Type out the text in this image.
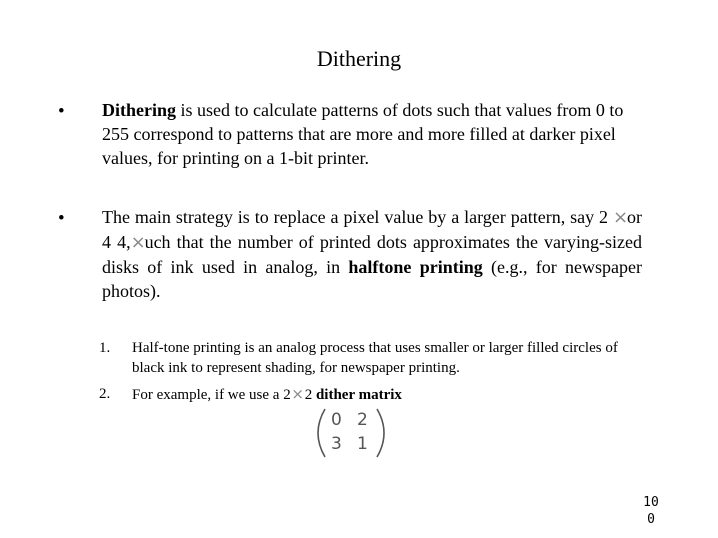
Dithering
• Dithering is used to calculate patterns of dots such that values from 0 to 255 correspond to patterns that are more and more filled at darker pixel values, for printing on a 1-bit printer.
• The main strategy is to replace a pixel value by a larger pattern, say 2 ×or 4 4,×uch that the number of printed dots approximates the varying-sized disks of ink used in analog, in halftone printing (e.g., for newspaper photos).
1. Half-tone printing is an analog process that uses smaller or larger filled circles of black ink to represent shading, for newspaper printing.
2. For example, if we use a 2×2 dither matrix
0 2
3 1
10
0
